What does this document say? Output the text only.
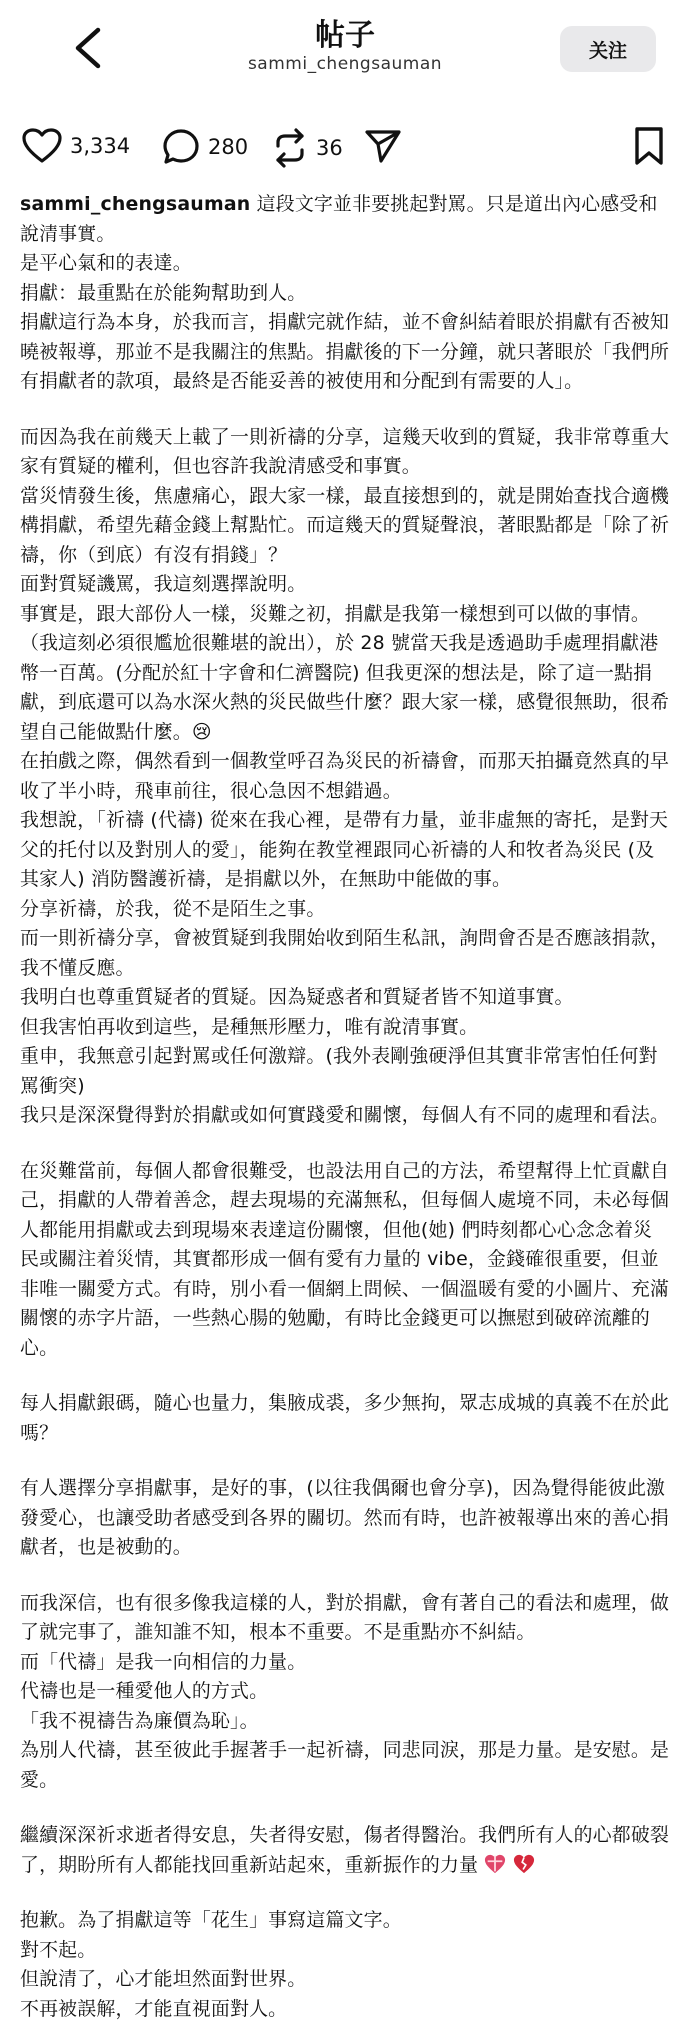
帖子
sammi_chengsauman
关注
3,334	280	36

sammi_chengsauman 這段文字並非要挑起對罵。只是道出內心感受和說清事實。

是平心氣和的表達。

捐獻：最重點在於能夠幫助到人。

捐獻這行為本身，於我而言，捐獻完就作結，並不會糾結着眼於捐獻有否被知曉被報導，那並不是我關注的焦點。捐獻後的下一分鐘，就只著眼於「我們所有捐獻者的款項，最終是否能妥善的被使用和分配到有需要的人」。

而因為我在前幾天上載了一則祈禱的分享，這幾天收到的質疑，我非常尊重大家有質疑的權利，但也容許我說清感受和事實。

當災情發生後，焦慮痛心，跟大家一樣，最直接想到的，就是開始查找合適機構捐獻，希望先藉金錢上幫點忙。而這幾天的質疑聲浪，著眼點都是「除了祈禱，你（到底）有沒有捐錢」？

面對質疑譏罵，我這刻選擇說明。

事實是，跟大部份人一樣，災難之初，捐獻是我第一樣想到可以做的事情。（我這刻必須很尷尬很難堪的說出），於 28 號當天我是透過助手處理捐獻港幣一百萬。(分配於紅十字會和仁濟醫院) 但我更深的想法是，除了這一點捐獻，到底還可以為水深火熱的災民做些什麼？跟大家一樣，感覺很無助，很希望自己能做點什麼。😢

在拍戲之際，偶然看到一個教堂呼召為災民的祈禱會，而那天拍攝竟然真的早收了半小時，飛車前往，很心急因不想錯過。

我想說，「祈禱 (代禱) 從來在我心裡，是帶有力量，並非虛無的寄托，是對天父的托付以及對別人的愛」，能夠在教堂裡跟同心祈禱的人和牧者為災民 (及其家人) 消防醫護祈禱，是捐獻以外，在無助中能做的事。

分享祈禱，於我，從不是陌生之事。

而一則祈禱分享，會被質疑到我開始收到陌生私訊，詢問會否是否應該捐款，我不懂反應。

我明白也尊重質疑者的質疑。因為疑惑者和質疑者皆不知道事實。

但我害怕再收到這些，是種無形壓力，唯有說清事實。

重申，我無意引起對罵或任何激辯。(我外表剛強硬淨但其實非常害怕任何對罵衝突)

我只是深深覺得對於捐獻或如何實踐愛和關懷，每個人有不同的處理和看法。

在災難當前，每個人都會很難受，也設法用自己的方法，希望幫得上忙貢獻自己，捐獻的人帶着善念，趕去現場的充滿無私，但每個人處境不同，未必每個人都能用捐獻或去到現場來表達這份關懷，但他(她) 們時刻都心心念念着災民或關注着災情，其實都形成一個有愛有力量的 vibe，金錢確很重要，但並非唯一關愛方式。有時，別小看一個網上問候、一個溫暖有愛的小圖片、充滿關懷的赤字片語，一些熱心腸的勉勵，有時比金錢更可以撫慰到破碎流離的心。

每人捐獻銀碼，隨心也量力，集腋成裘，多少無拘，眾志成城的真義不在於此嗎？

有人選擇分享捐獻事，是好的事，(以往我偶爾也會分享)，因為覺得能彼此激發愛心，也讓受助者感受到各界的關切。然而有時，也許被報導出來的善心捐獻者，也是被動的。

而我深信，也有很多像我這樣的人，對於捐獻，會有著自己的看法和處理，做了就完事了，誰知誰不知，根本不重要。不是重點亦不糾結。

而「代禱」是我一向相信的力量。

代禱也是一種愛他人的方式。

「我不視禱告為廉價為恥」。

為別人代禱，甚至彼此手握著手一起祈禱，同悲同淚，那是力量。是安慰。是愛。

繼續深深祈求逝者得安息，失者得安慰，傷者得醫治。我們所有人的心都破裂了，期盼所有人都能找回重新站起來，重新振作的力量

抱歉。為了捐獻這等「花生」事寫這篇文字。

對不起。

但說清了，心才能坦然面對世界。

不再被誤解，才能直視面對人。
